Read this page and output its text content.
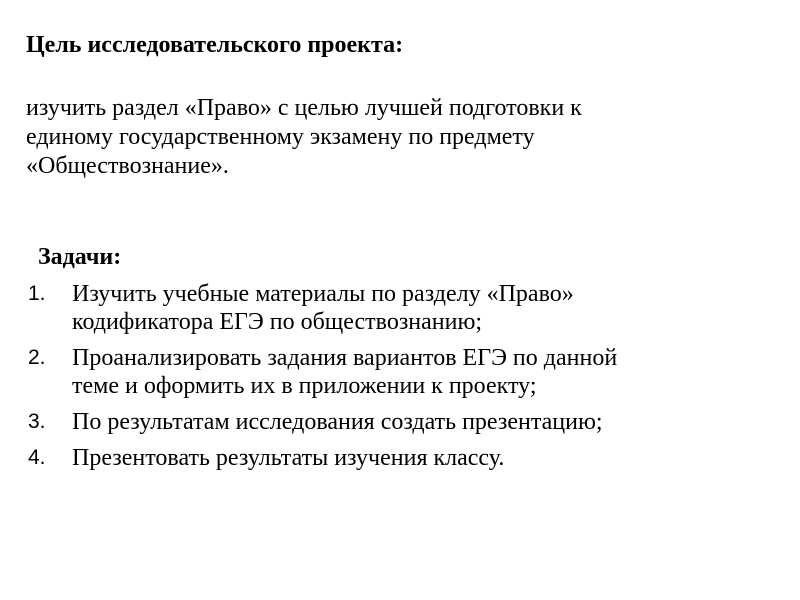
Цель исследовательского проекта:
изучить раздел «Право» с целью лучшей подготовки к
единому государственному экзамену по предмету
«Обществознание».
Задачи:
1. Изучить учебные материалы по разделу «Право»
кодификатора ЕГЭ по обществознанию;
2. Проанализировать задания вариантов ЕГЭ по данной
теме и оформить их в приложении к проекту;
3. По результатам исследования создать презентацию;
4. Презентовать результаты изучения классу.
